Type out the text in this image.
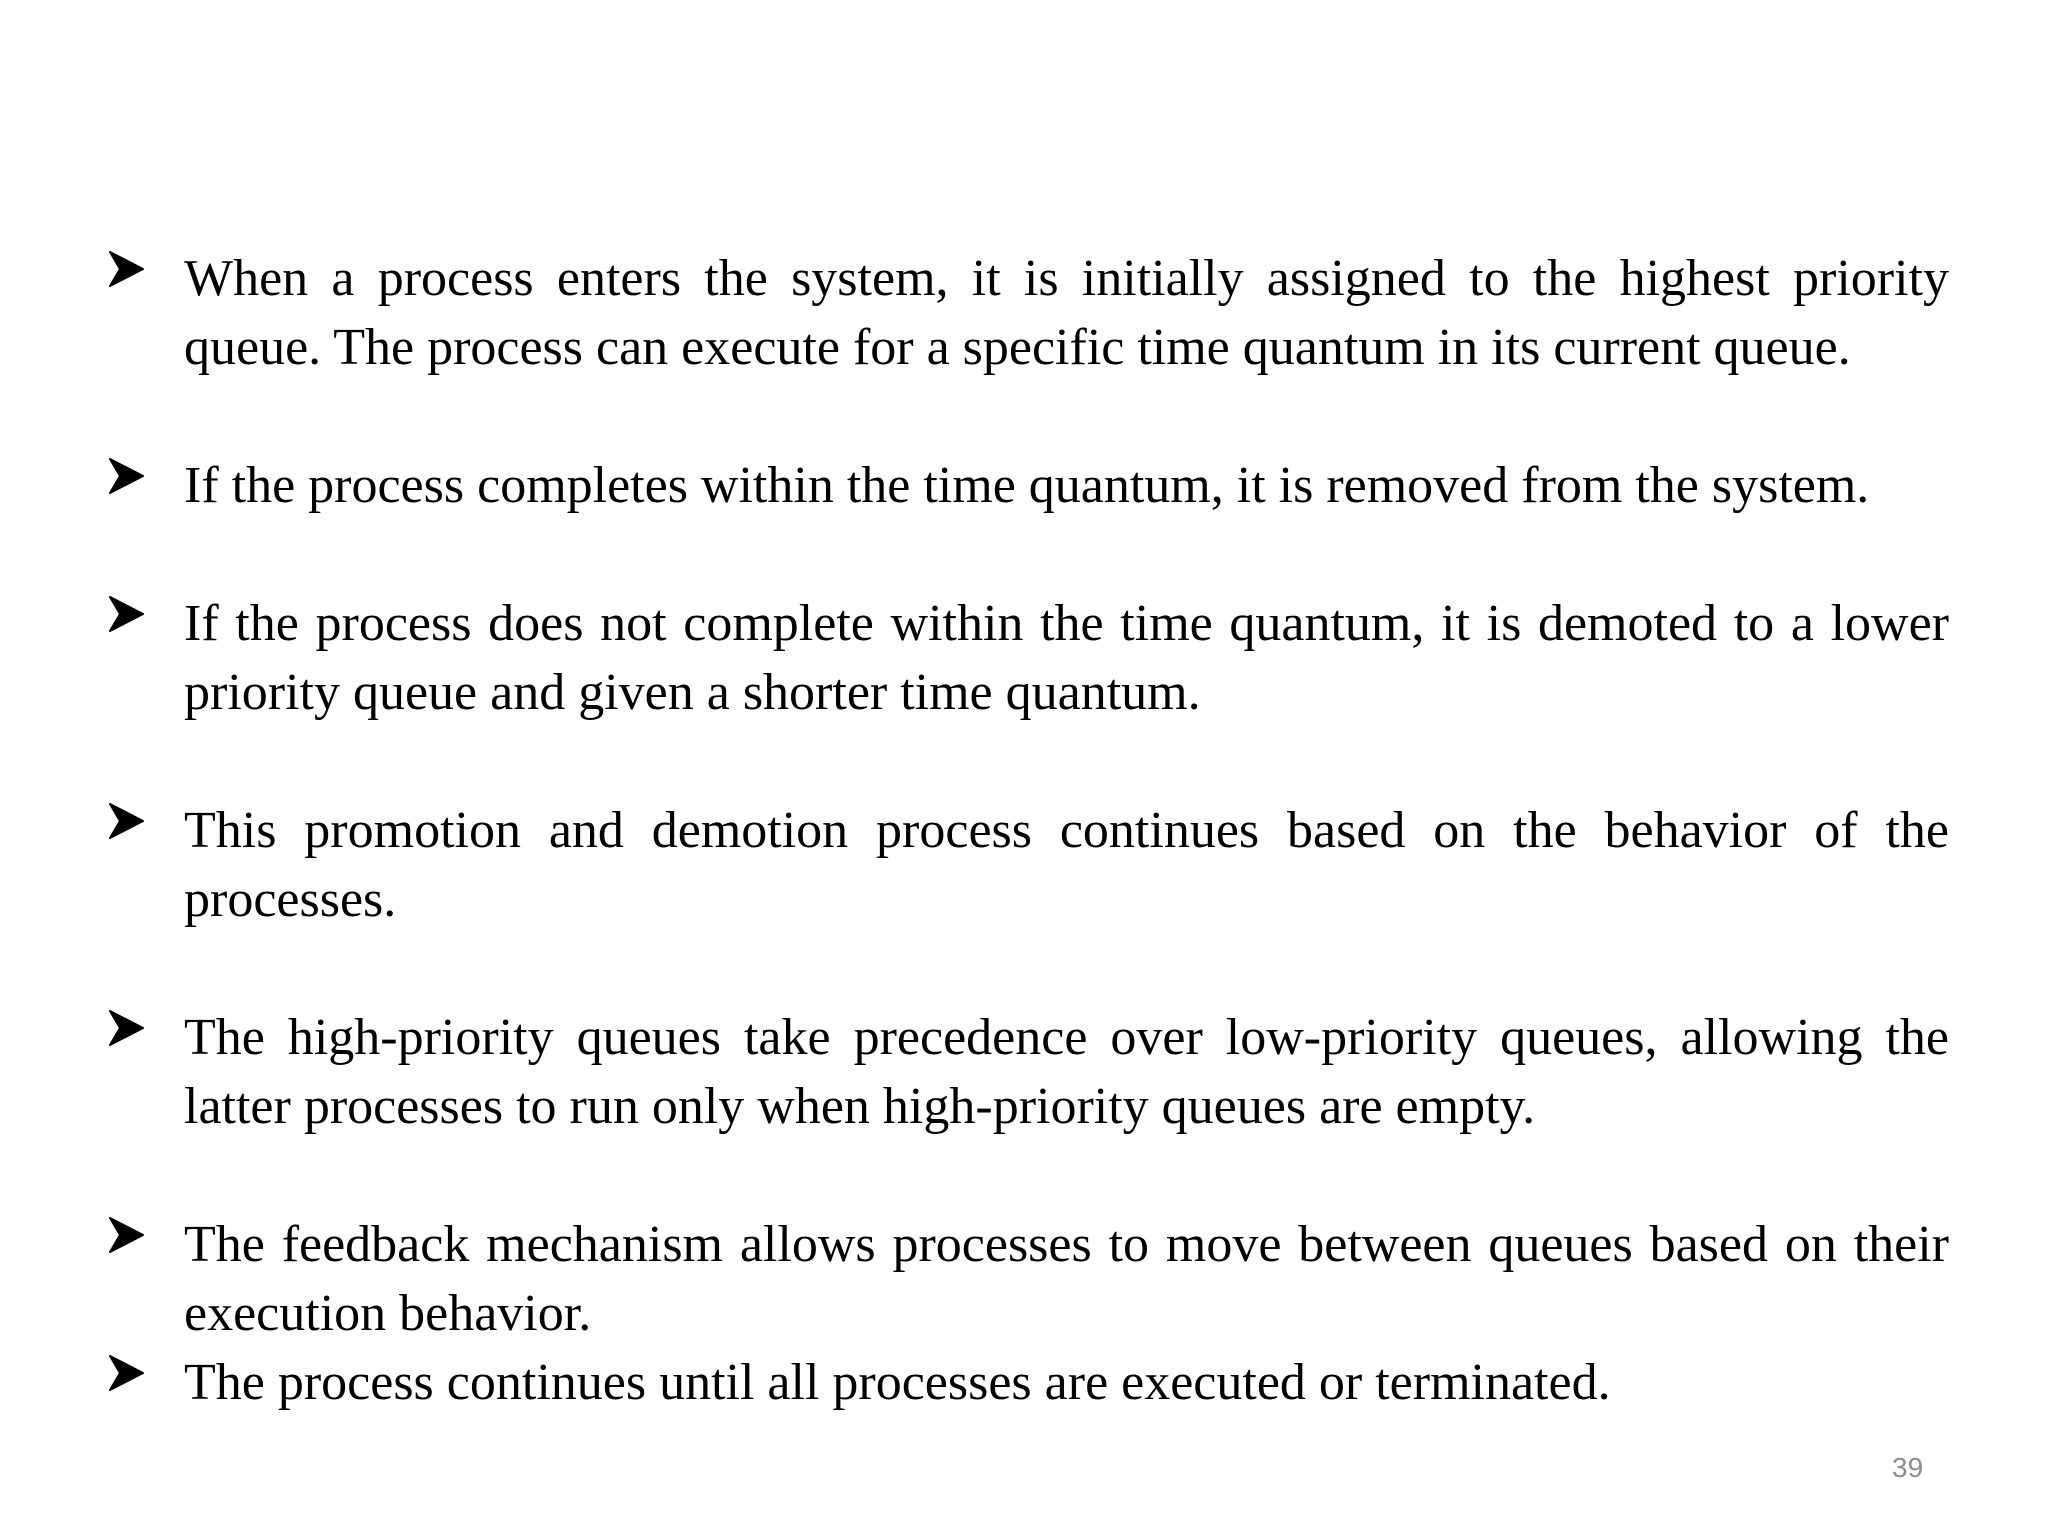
When a process enters the system, it is initially assigned to the highest priority queue. The process can execute for a specific time quantum in its current queue.
If the process completes within the time quantum, it is removed from the system.
If the process does not complete within the time quantum, it is demoted to a lower priority queue and given a shorter time quantum.
This promotion and demotion process continues based on the behavior of the processes.
The high-priority queues take precedence over low-priority queues, allowing the latter processes to run only when high-priority queues are empty.
The feedback mechanism allows processes to move between queues based on their execution behavior.
The process continues until all processes are executed or terminated.
39
